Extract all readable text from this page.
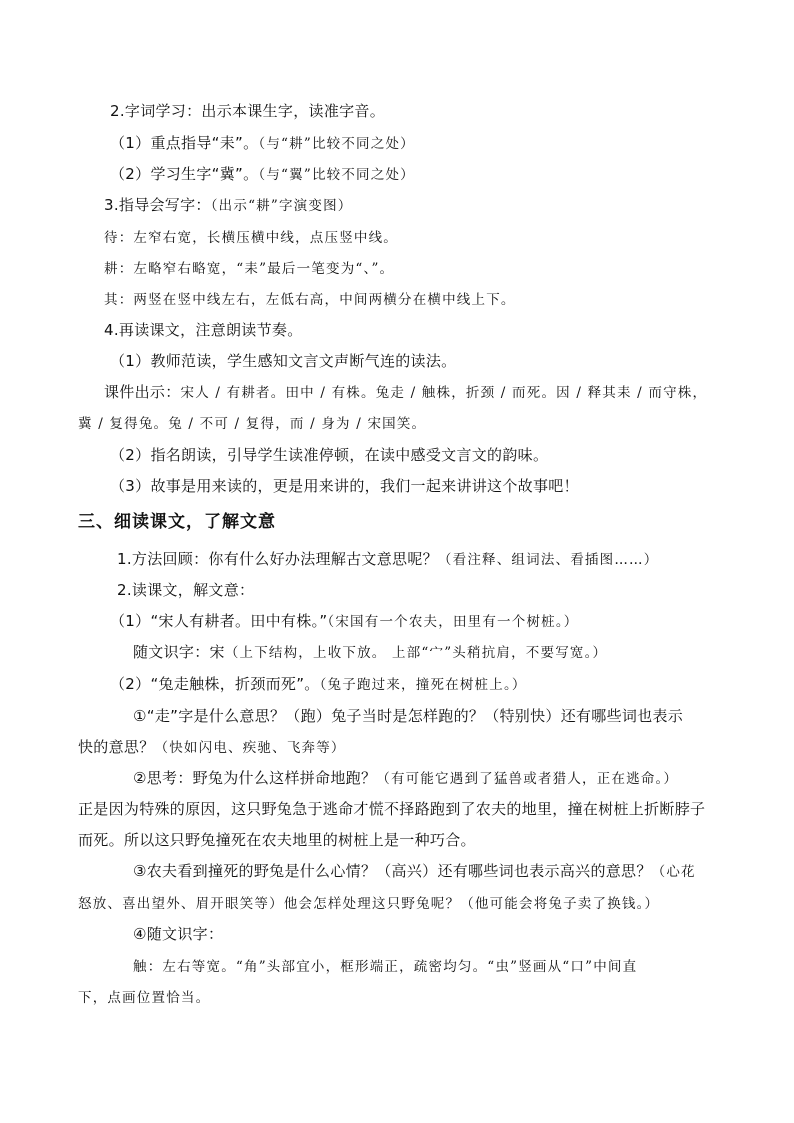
2.字词学习：出示本课生字，读准字音。
（1）重点指导“耒”。（与“耕”比较不同之处）
（2）学习生字“冀”。（与“翼”比较不同之处）
3.指导会写字：（出示“耕”字演变图）
待：左窄右宽，长横压横中线，点压竖中线。
耕：左略窄右略宽，“耒”最后一笔变为“、”。
其：两竖在竖中线左右，左低右高，中间两横分在横中线上下。
4.再读课文，注意朗读节奏。
（1）教师范读，学生感知文言文声断气连的读法。
课件出示：宋人 / 有耕者。田中 / 有株。兔走 / 触株，折颈 / 而死。因 / 释其耒 / 而守株，
冀 / 复得兔。兔 / 不可 / 复得，而 / 身为 / 宋国笑。
（2）指名朗读，引导学生读准停顿，在读中感受文言文的韵味。
（3）故事是用来读的，更是用来讲的，我们一起来讲讲这个故事吧！
三、细读课文，了解文意
1.方法回顾：你有什么好办法理解古文意思呢？（看注释、组词法、看插图……）
2.读课文，解文意：
（1）“宋人有耕者。田中有株。”（宋国有一个农夫，田里有一个树桩。）
随文识字：宋（上下结构，上收下放。 上部“宀”头稍抗肩，不要写宽。）
（2）“兔走触株，折颈而死”。（兔子跑过来，撞死在树桩上。）
①“走”字是什么意思？（跑）兔子当时是怎样跑的？（特别快）还有哪些词也表示
快的意思？（快如闪电、疾驰、飞奔等）
②思考：野兔为什么这样拼命地跑？（有可能它遇到了猛兽或者猎人，正在逃命。）
正是因为特殊的原因，这只野兔急于逃命才慌不择路跑到了农夫的地里，撞在树桩上折断脖子
而死。所以这只野兔撞死在农夫地里的树桩上是一种巧合。
③农夫看到撞死的野兔是什么心情？（高兴）还有哪些词也表示高兴的意思？（心花
怒放、喜出望外、眉开眼笑等）他会怎样处理这只野兔呢？（他可能会将兔子卖了换钱。）
④随文识字：
触：左右等宽。“角”头部宜小，框形端正，疏密均匀。“虫”竖画从“口”中间直
下，点画位置恰当。
